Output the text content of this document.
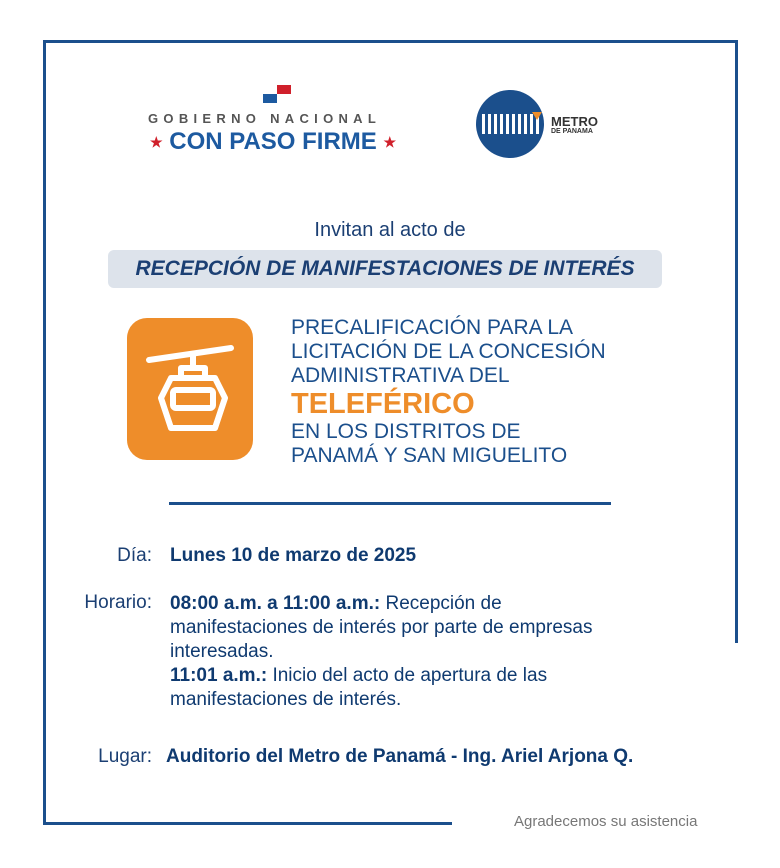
GOBIERNO NACIONAL
★ CON PASO FIRME ★
METRO
DE PANAMA
Invitan al acto de
RECEPCIÓN DE MANIFESTACIONES DE INTERÉS
PRECALIFICACIÓN PARA LA
LICITACIÓN DE LA CONCESIÓN
ADMINISTRATIVA DEL
TELEFÉRICO
EN LOS DISTRITOS DE
PANAMÁ Y SAN MIGUELITO
Día: Lunes 10 de marzo de 2025
Horario: 08:00 a.m. a 11:00 a.m.: Recepción de manifestaciones de interés por parte de empresas interesadas.
11:01 a.m.: Inicio del acto de apertura de las manifestaciones de interés.
Lugar: Auditorio del Metro de Panamá - Ing. Ariel Arjona Q.
Agradecemos su asistencia
